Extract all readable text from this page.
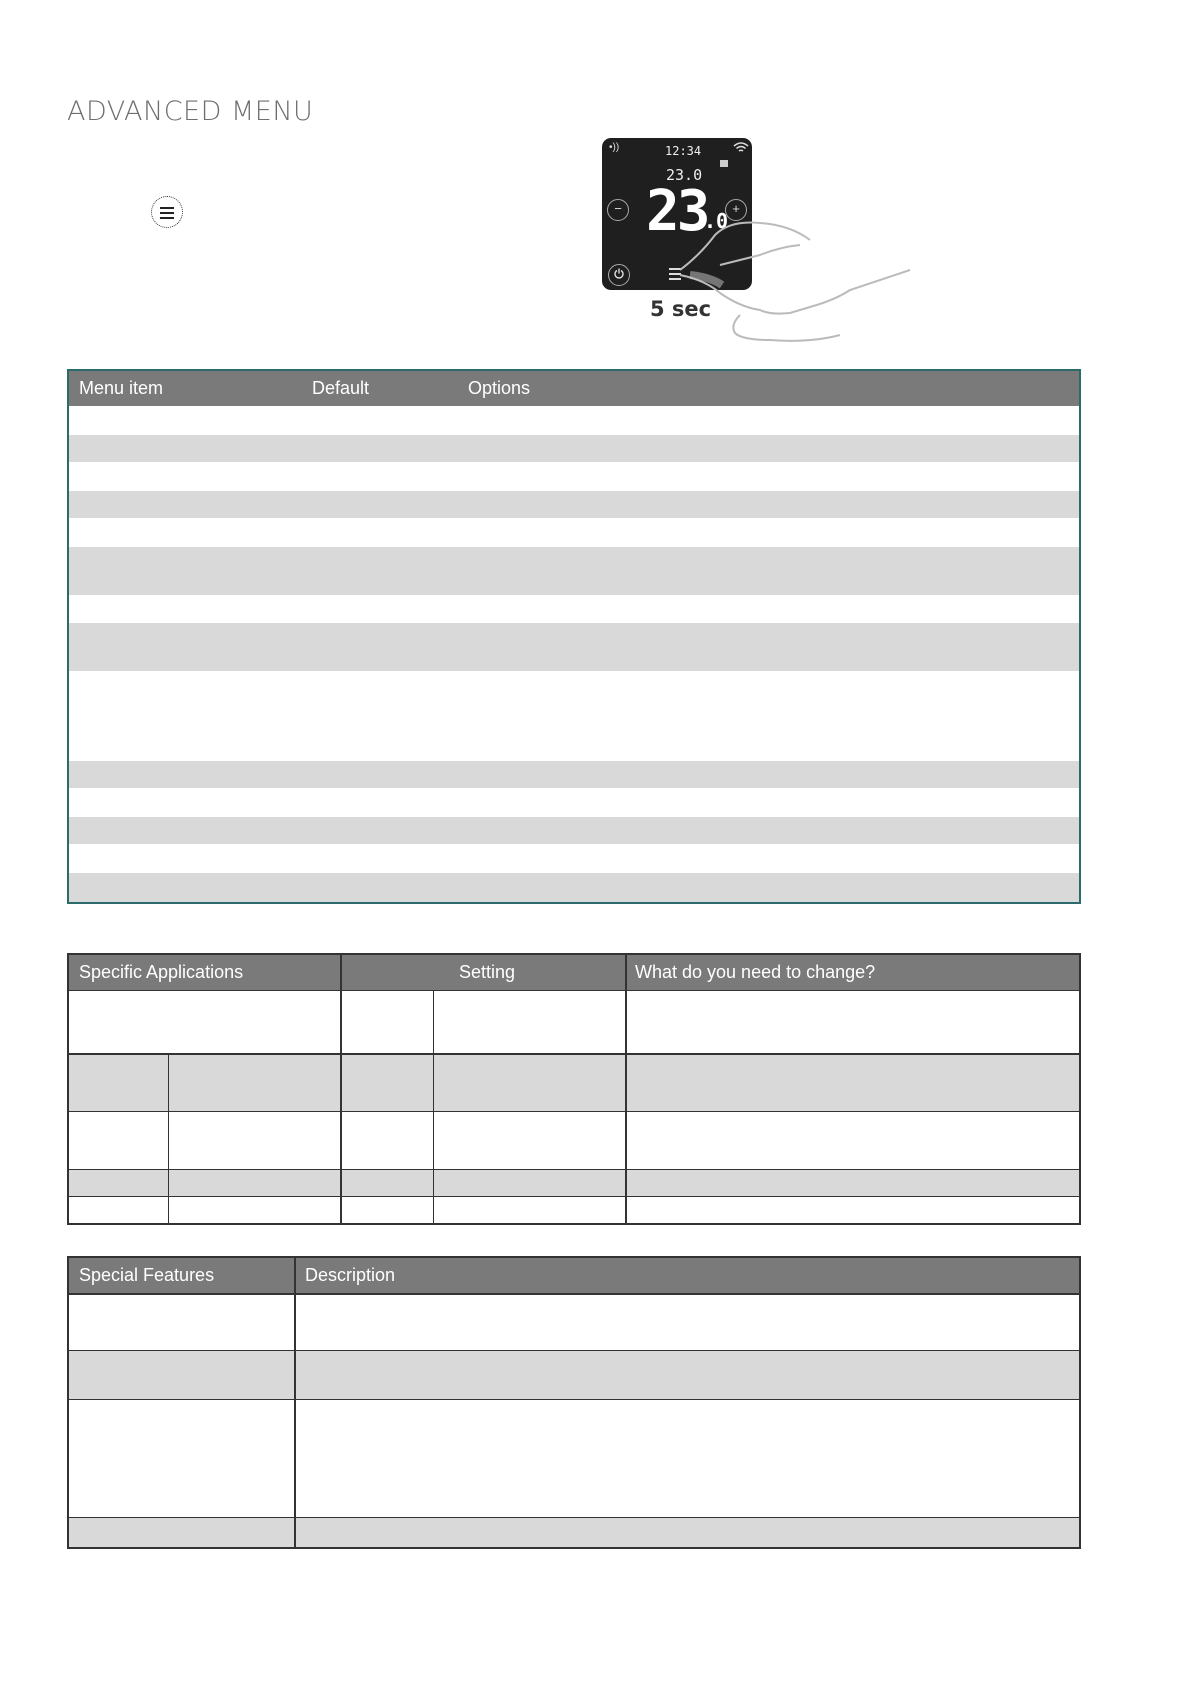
ADVANCED MENU
•))	12:34
23.0
− 23
.0
+
5 sec
Menu item	Default	Options
Specific Applications	Setting	What do you need to change?
Special Features	Description
